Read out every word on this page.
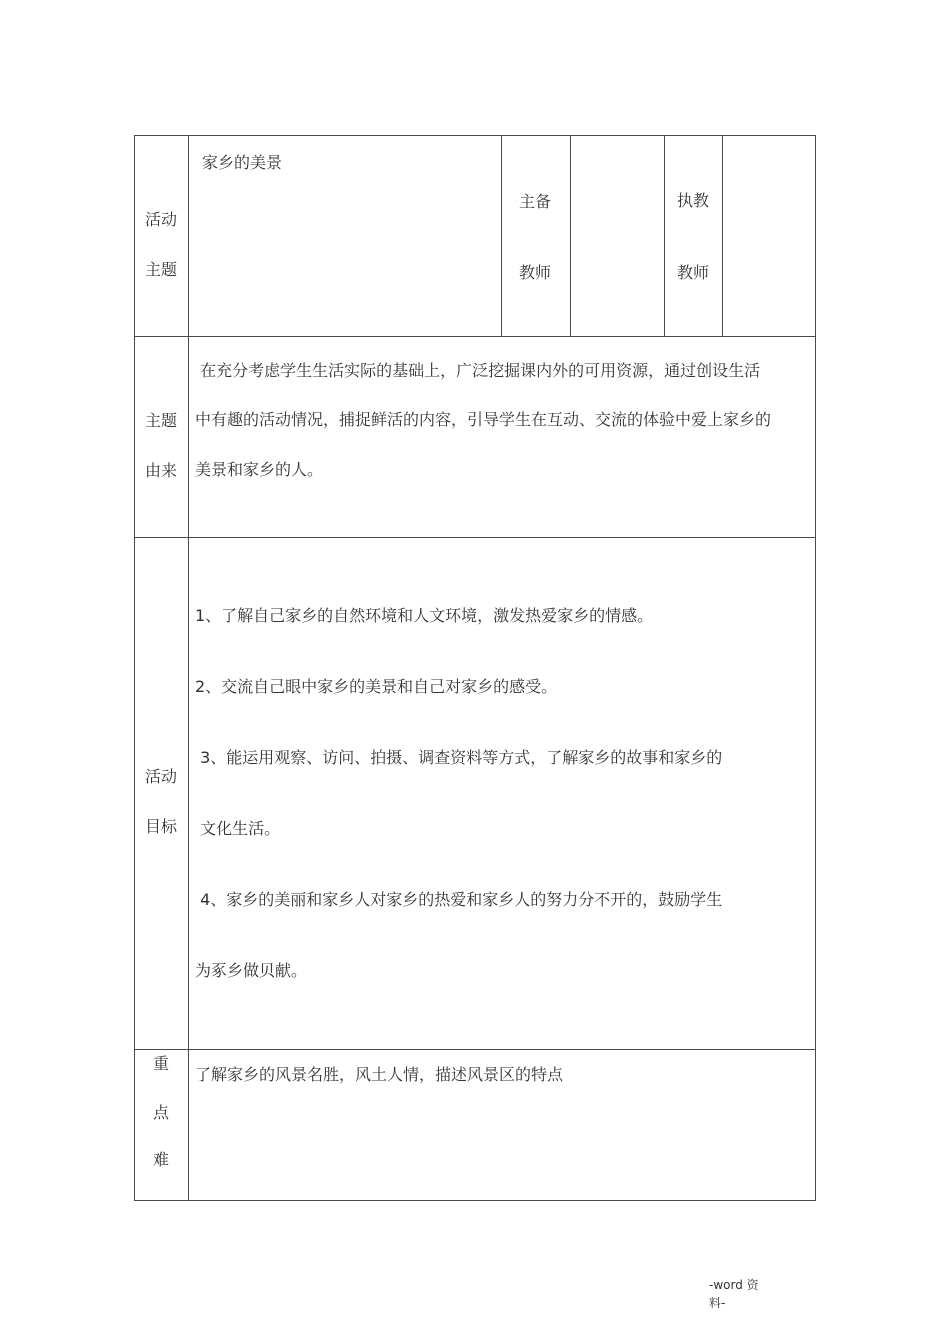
活动
主题
家乡的美景
主备
教师
执教
教师
主题
由来
在充分考虑学生生活实际的基础上，广泛挖掘课内外的可用资源，通过创设生活
中有趣的活动情况，捕捉鲜活的内容，引导学生在互动、交流的体验中爱上家乡的
美景和家乡的人。
活动
目标
1、了解自己家乡的自然环境和人文环境，激发热爱家乡的情感。
2、交流自己眼中家乡的美景和自己对家乡的感受。
3、能运用观察、访问、拍摄、调查资料等方式，了解家乡的故事和家乡的
文化生活。
4、家乡的美丽和家乡人对家乡的热爱和家乡人的努力分不开的，鼓励学生
为豖乡做贝献。
重
点
难
了解家乡的风景名胜，风土人情，描述风景区的特点
-word 资
料-
